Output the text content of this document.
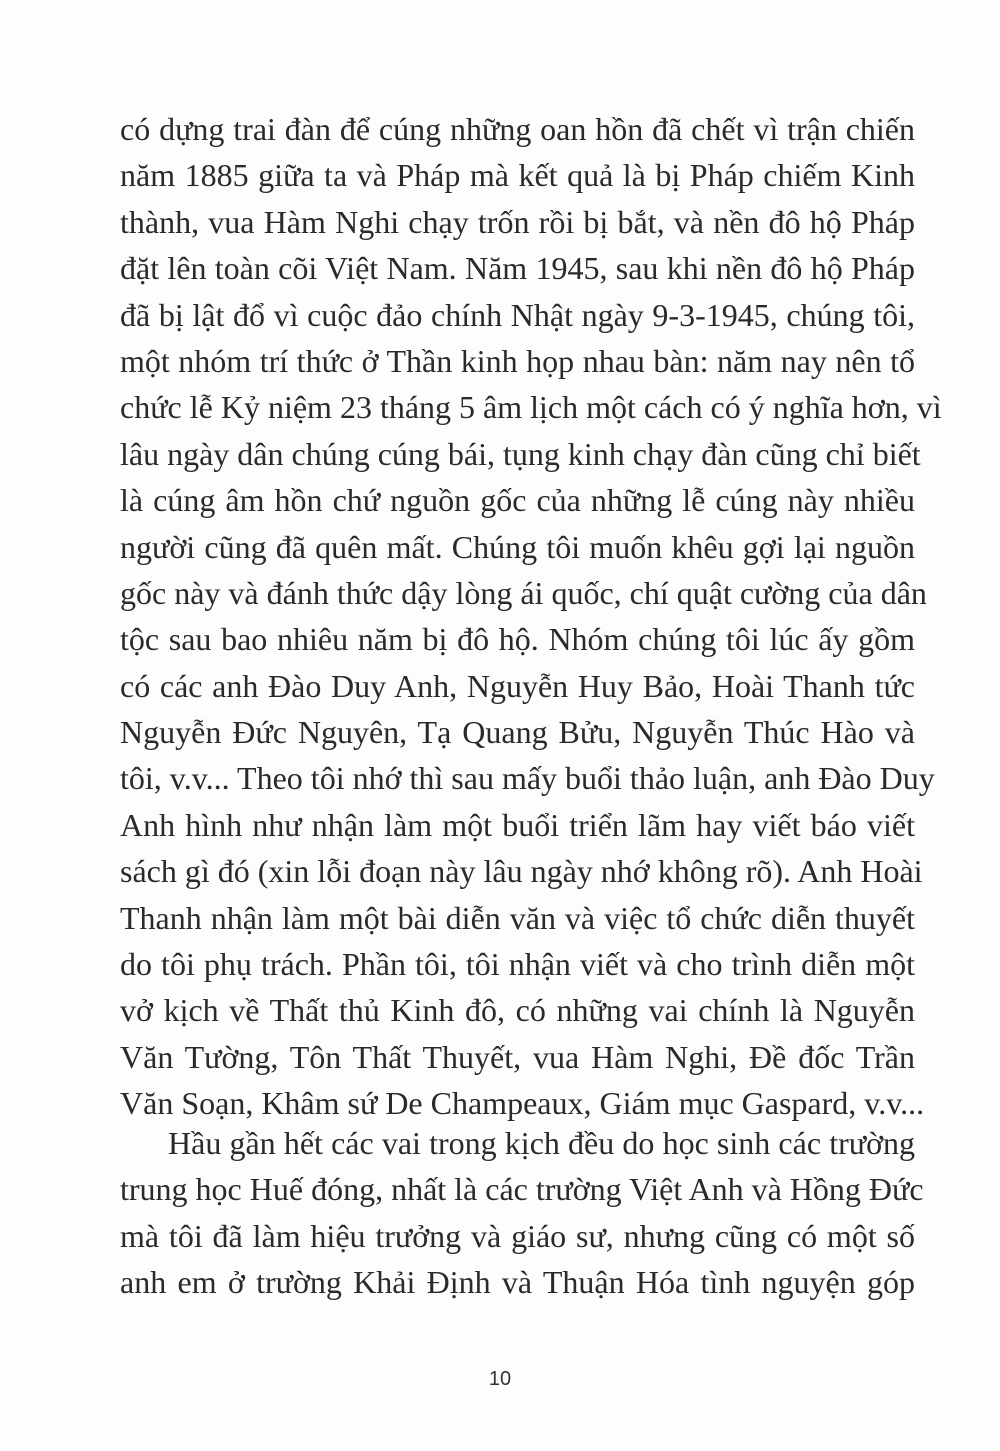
có dựng trai đàn để cúng những oan hồn đã chết vì trận chiến
năm 1885 giữa ta và Pháp mà kết quả là bị Pháp chiếm Kinh
thành, vua Hàm Nghi chạy trốn rồi bị bắt, và nền đô hộ Pháp
đặt lên toàn cõi Việt Nam. Năm 1945, sau khi nền đô hộ Pháp
đã bị lật đổ vì cuộc đảo chính Nhật ngày 9-3-1945, chúng tôi,
một nhóm trí thức ở Thần kinh họp nhau bàn: năm nay nên tổ
chức lễ Kỷ niệm 23 tháng 5 âm lịch một cách có ý nghĩa hơn, vì
lâu ngày dân chúng cúng bái, tụng kinh chạy đàn cũng chỉ biết
là cúng âm hồn chứ nguồn gốc của những lễ cúng này nhiều
người cũng đã quên mất. Chúng tôi muốn khêu gợi lại nguồn
gốc này và đánh thức dậy lòng ái quốc, chí quật cường của dân
tộc sau bao nhiêu năm bị đô hộ. Nhóm chúng tôi lúc ấy gồm
có các anh Đào Duy Anh, Nguyễn Huy Bảo, Hoài Thanh tức
Nguyễn Đức Nguyên, Tạ Quang Bửu, Nguyễn Thúc Hào và
tôi, v.v... Theo tôi nhớ thì sau mấy buổi thảo luận, anh Đào Duy
Anh hình như nhận làm một buổi triển lãm hay viết báo viết
sách gì đó (xin lỗi đoạn này lâu ngày nhớ không rõ). Anh Hoài
Thanh nhận làm một bài diễn văn và việc tổ chức diễn thuyết
do tôi phụ trách. Phần tôi, tôi nhận viết và cho trình diễn một
vở kịch về Thất thủ Kinh đô, có những vai chính là Nguyễn
Văn Tường, Tôn Thất Thuyết, vua Hàm Nghi, Đề đốc Trần
Văn Soạn, Khâm sứ De Champeaux, Giám mục Gaspard, v.v...
Hầu gần hết các vai trong kịch đều do học sinh các trường
trung học Huế đóng, nhất là các trường Việt Anh và Hồng Đức
mà tôi đã làm hiệu trưởng và giáo sư, nhưng cũng có một số
anh em ở trường Khải Định và Thuận Hóa tình nguyện góp
10
